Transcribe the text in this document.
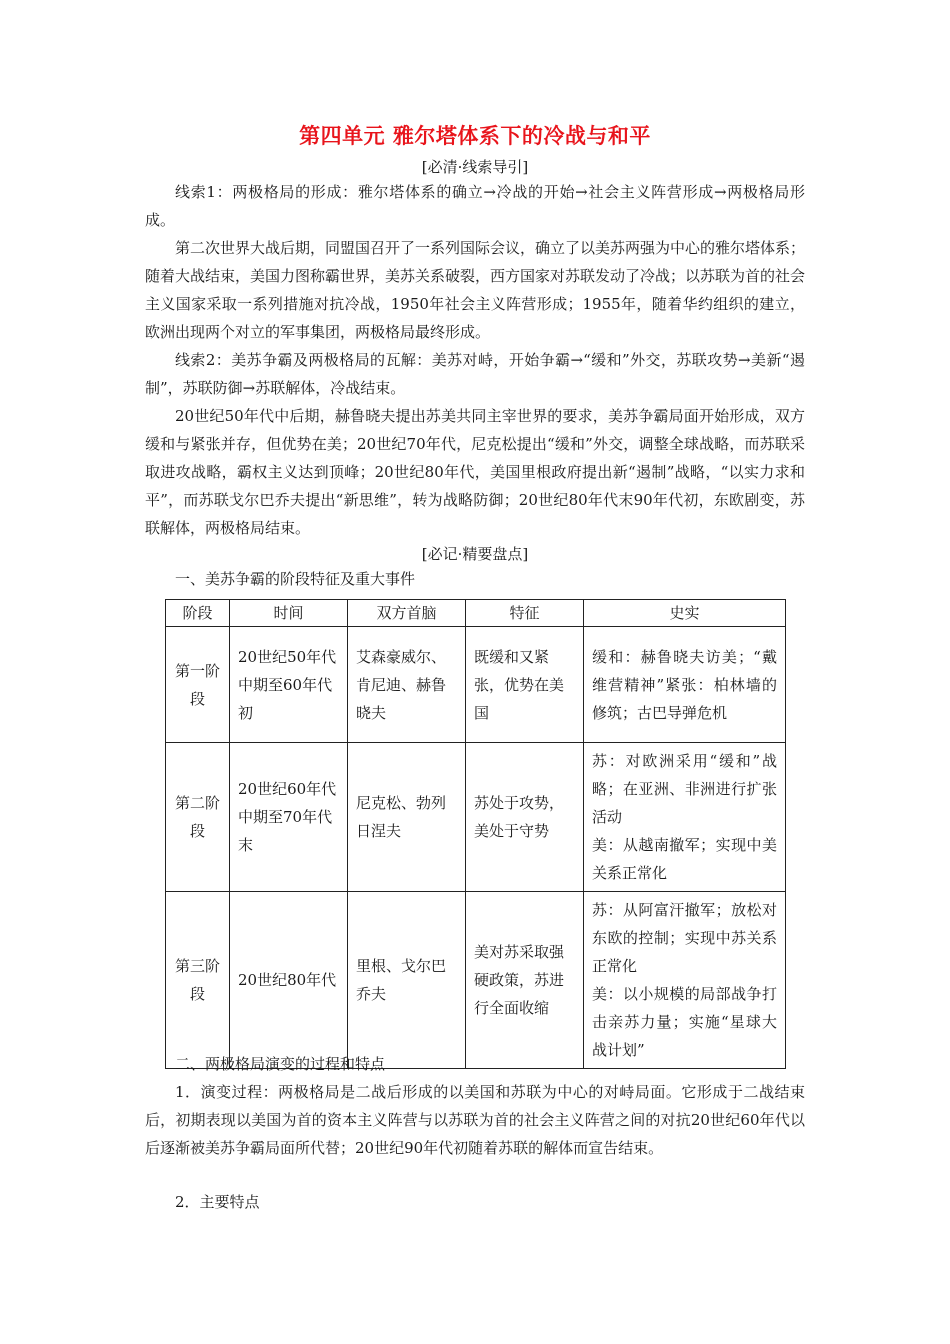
第四单元 雅尔塔体系下的冷战与和平
[必清·线索导引]

线索1：两极格局的形成：雅尔塔体系的确立→冷战的开始→社会主义阵营形成→两极格局形成。

第二次世界大战后期，同盟国召开了一系列国际会议，确立了以美苏两强为中心的雅尔塔体系；随着大战结束，美国力图称霸世界，美苏关系破裂，西方国家对苏联发动了冷战；以苏联为首的社会主义国家采取一系列措施对抗冷战，1950年社会主义阵营形成；1955年，随着华约组织的建立，欧洲出现两个对立的军事集团，两极格局最终形成。

线索2：美苏争霸及两极格局的瓦解：美苏对峙，开始争霸→“缓和”外交，苏联攻势→美新“遏制”，苏联防御→苏联解体，冷战结束。

20世纪50年代中后期，赫鲁晓夫提出苏美共同主宰世界的要求，美苏争霸局面开始形成，双方缓和与紧张并存，但优势在美；20世纪70年代，尼克松提出“缓和”外交，调整全球战略，而苏联采取进攻战略，霸权主义达到顶峰；20世纪80年代，美国里根政府提出新“遏制”战略，“以实力求和平”，而苏联戈尔巴乔夫提出“新思维”，转为战略防御；20世纪80年代末90年代初，东欧剧变，苏联解体，两极格局结束。

[必记·精要盘点]

一、美苏争霸的阶段特征及重大事件

阶段	时间	双方首脑	特征	史实
第一阶段	20世纪50年代中期至60年代初	艾森豪威尔、肯尼迪、赫鲁晓夫	既缓和又紧张，优势在美国	缓和：赫鲁晓夫访美；“戴维营精神”紧张：柏林墙的修筑；古巴导弹危机

第二阶段	20世纪60年代中期至70年代末	尼克松、勃列日涅夫	苏处于攻势，美处于守势	苏：对欧洲采用“缓和”战略；在亚洲、非洲进行扩张活动
美：从越南撤军；实现中美关系正常化

第三阶段	20世纪80年代	里根、戈尔巴乔夫	美对苏采取强硬政策，苏进行全面收缩	苏：从阿富汗撤军；放松对东欧的控制；实现中苏关系正常化
美：以小规模的局部战争打击亲苏力量；实施“星球大战计划”

二、两极格局演变的过程和特点

1．演变过程：两极格局是二战后形成的以美国和苏联为中心的对峙局面。它形成于二战结束后，初期表现以美国为首的资本主义阵营与以苏联为首的社会主义阵营之间的对抗20世纪60年代以后逐渐被美苏争霸局面所代替；20世纪90年代初随着苏联的解体而宣告结束。

2．主要特点
